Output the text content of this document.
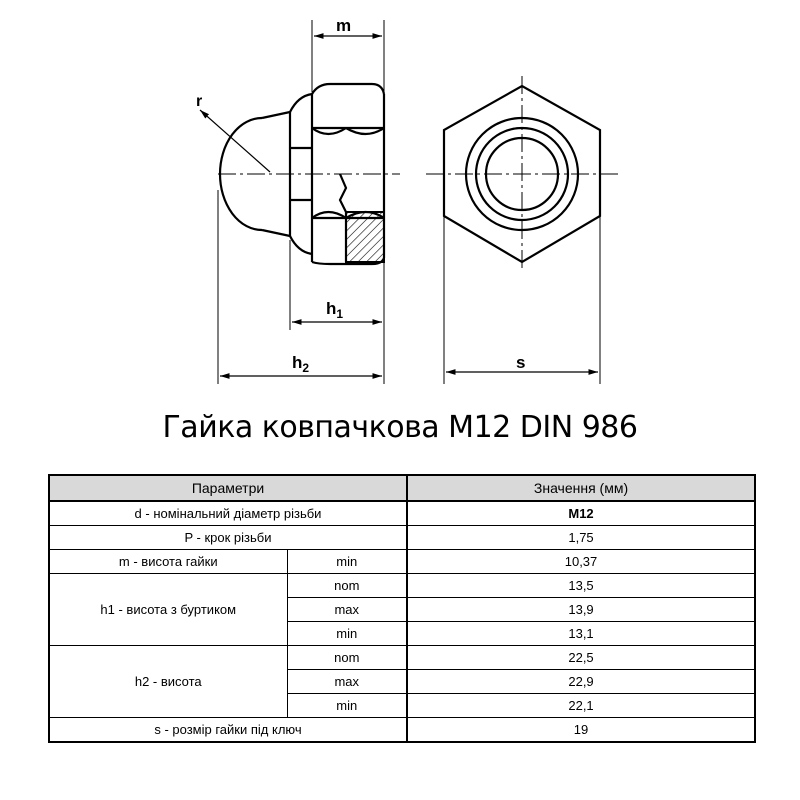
r
m
$h_1$
$h_2$	s
Гайка ковпачкова M12 DIN 986
Параметри		Значення (мм)
d - номінальний діаметр різьби		M12
P - крок різьби		1,75
m - висота гайки	min	10,37
h1 - висота з буртиком	nom	13,5
	max	13,9
	min	13,1
h2 - висота	nom	22,5
	max	22,9
	min	22,1
s - розмір гайки під ключ		19
